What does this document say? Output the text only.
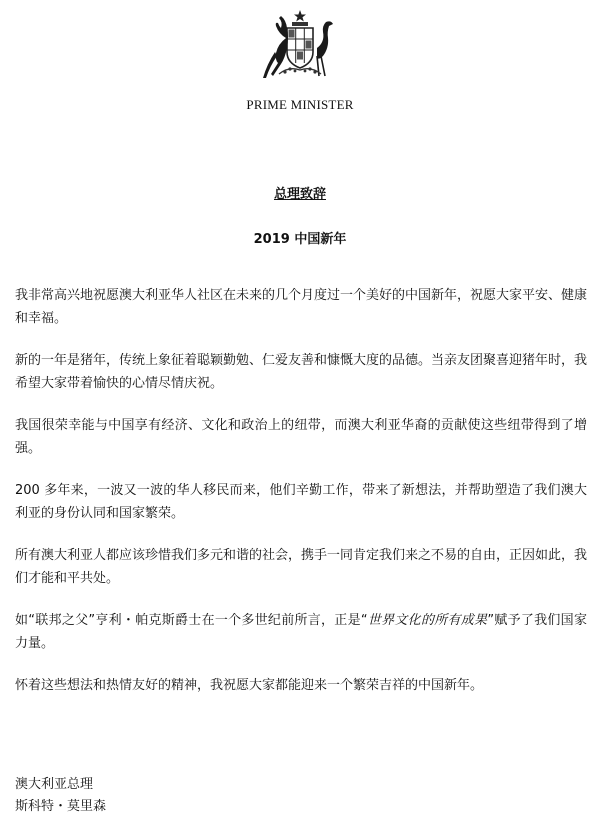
PRIME MINISTER
总理致辞
2019 中国新年

我非常高兴地祝愿澳大利亚华人社区在未来的几个月度过一个美好的中国新年，祝愿大家平安、健康和幸福。

新的一年是猪年，传统上象征着聪颖勤勉、仁爱友善和慷慨大度的品德。当亲友团聚喜迎猪年时，我希望大家带着愉快的心情尽情庆祝。

我国很荣幸能与中国享有经济、文化和政治上的纽带，而澳大利亚华裔的贡献使这些纽带得到了增强。

200 多年来，一波又一波的华人移民而来，他们辛勤工作，带来了新想法，并帮助塑造了我们澳大利亚的身份认同和国家繁荣。

所有澳大利亚人都应该珍惜我们多元和谐的社会，携手一同肯定我们来之不易的自由，正因如此，我们才能和平共处。

如“联邦之父”亨利・帕克斯爵士在一个多世纪前所言，正是“世界文化的所有成果”赋予了我们国家力量。

怀着这些想法和热情友好的精神，我祝愿大家都能迎来一个繁荣吉祥的中国新年。

澳大利亚总理
斯科特・莫里森
